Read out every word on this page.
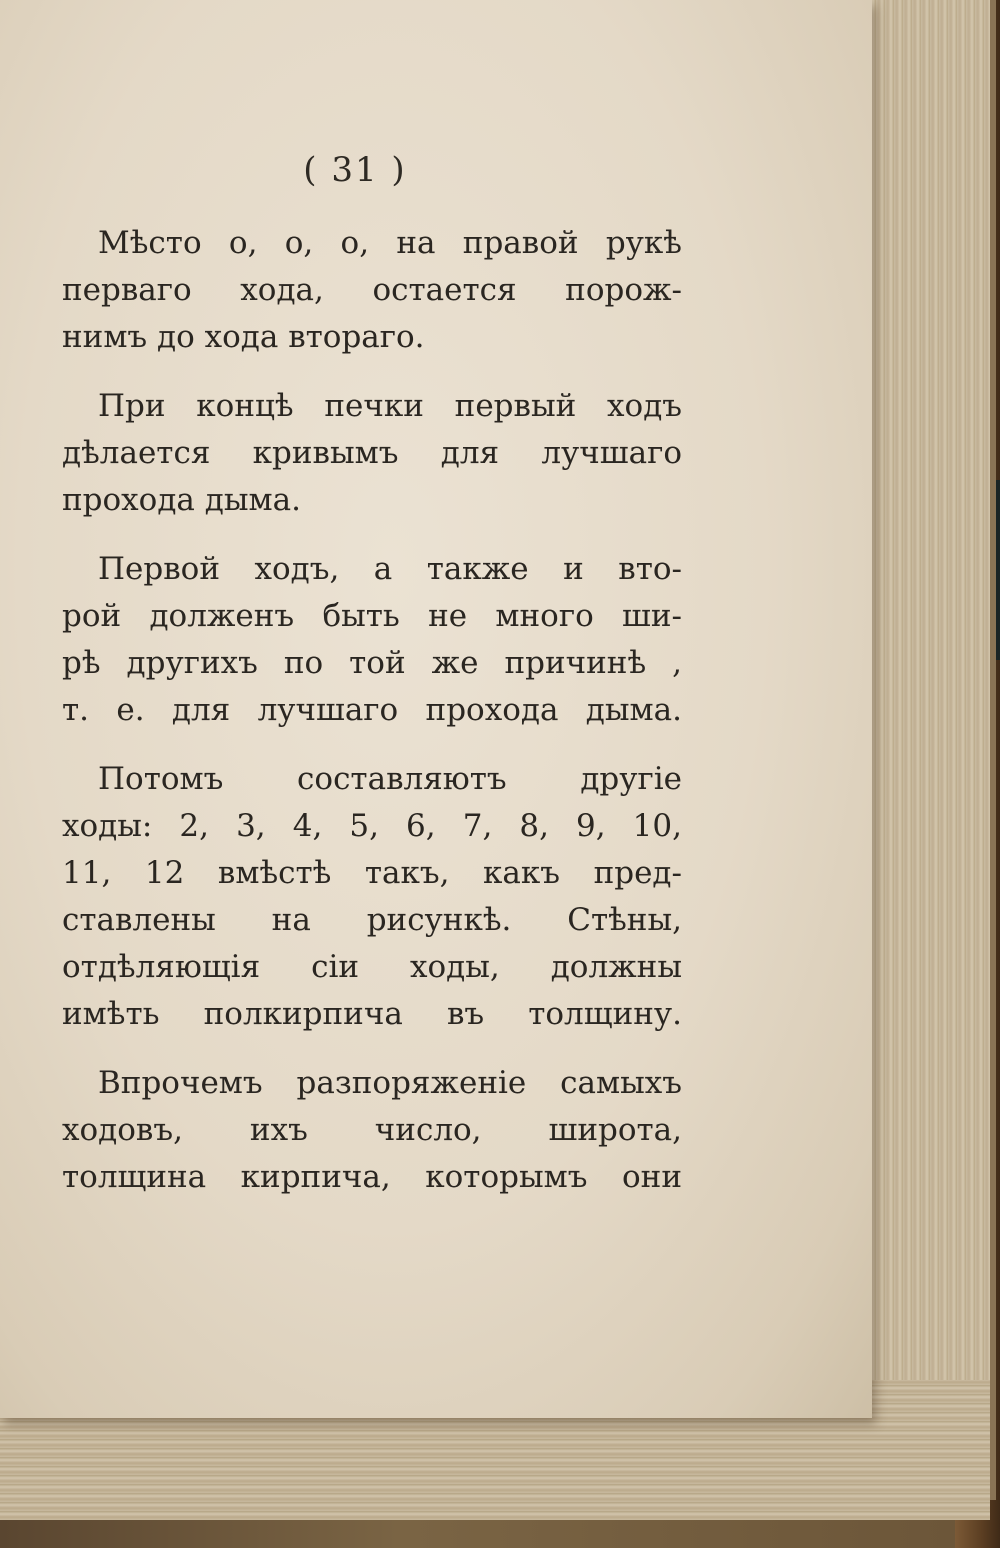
( 31 )

Мѣсто о, о, о, на правой рукѣ
перваго хода, остается порож-
нимъ до хода втораго.

При концѣ печки первый ходъ
дѣлается кривымъ для лучшаго
прохода дыма.

Первой ходъ, а также и вто-
рой долженъ быть не много ши-
рѣ другихъ по той же причинѣ ,
т. е. для лучшаго прохода дыма.

Потомъ составляютъ другіе
ходы: 2, 3, 4, 5, 6, 7, 8, 9, 10,
11, 12 вмѣстѣ такъ, какъ пред-
ставлены на рисункѣ. Стѣны,
отдѣляющія сіи ходы, должны
имѣть полкирпича въ толщину.

Впрочемъ разпоряженіе самыхъ
ходовъ, ихъ число, широта,
толщина кирпича, которымъ они
